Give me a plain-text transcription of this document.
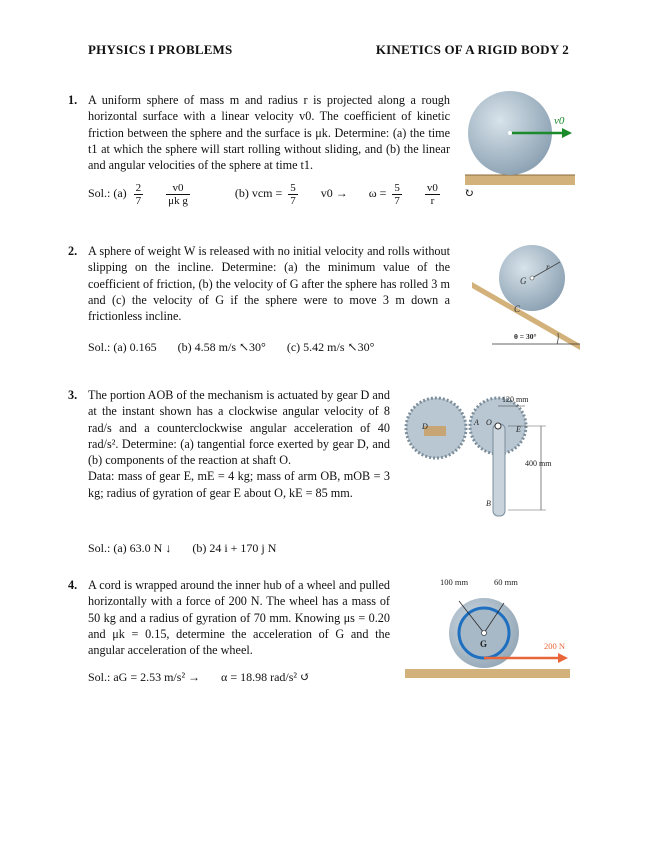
PHYSICS I PROBLEMS	KINETICS OF A RIGID BODY 2
1. A uniform sphere of mass m and radius r is projected along a rough horizontal surface with a linear velocity v0. The coefficient of kinetic friction between the sphere and the surface is μk. Determine: (a) the time t1 at which the sphere will start rolling without sliding, and (b) the linear and angular velocities of the sphere at time t1.
Sol.: $(a) \frac{2}{7}$
$\frac{v0}{\text{μk g}} (b)$ vcm = $\frac{5}{7} v0 \to \omega = \frac{5}{7}$
$\frac{v0}{r}$ ↻
v0
2. A sphere of weight W is released with no initial velocity and rolls without slipping on the incline. Determine: (a) the minimum value of the coefficient of friction, (b) the velocity of G after the sphere has rolled 3 m and (c) the velocity of G if the sphere were to move 3 m down a frictionless incline.
Sol.: (a) 0.165 (b) 4.58 m/s ↖30° (c) 5.42 m/s ↖30°
G
r
C
θ = 30°
3. The portion AOB of the mechanism is actuated by gear D and at the instant shown has a clockwise angular velocity of 8 rad/s and a counterclockwise angular acceleration of 40 rad/s². Determine: (a) tangential force exerted by gear D, and (b) components of the reaction at shaft O.
Data: mass of gear E, mE = 4 kg; mass of arm OB, mOB = 3 kg; radius of gyration of gear E about O, kE = 85 mm.
Sol.: (a) 63.0 N ↓ (b) 24 i + 170 j N
120 mm
400 mm
D	A O
E
B
4. A cord is wrapped around the inner hub of a wheel and pulled horizontally with a force of 200 N. The wheel has a mass of 50 kg and a radius of gyration of 70 mm. Knowing μs = 0.20 and μk = 0.15, determine the acceleration of G and the angular acceleration of the wheel.
Sol.: aG = 2.53 m/s² → α = 18.98 rad/s² ↺
G
100 mm	60 mm
200 N
